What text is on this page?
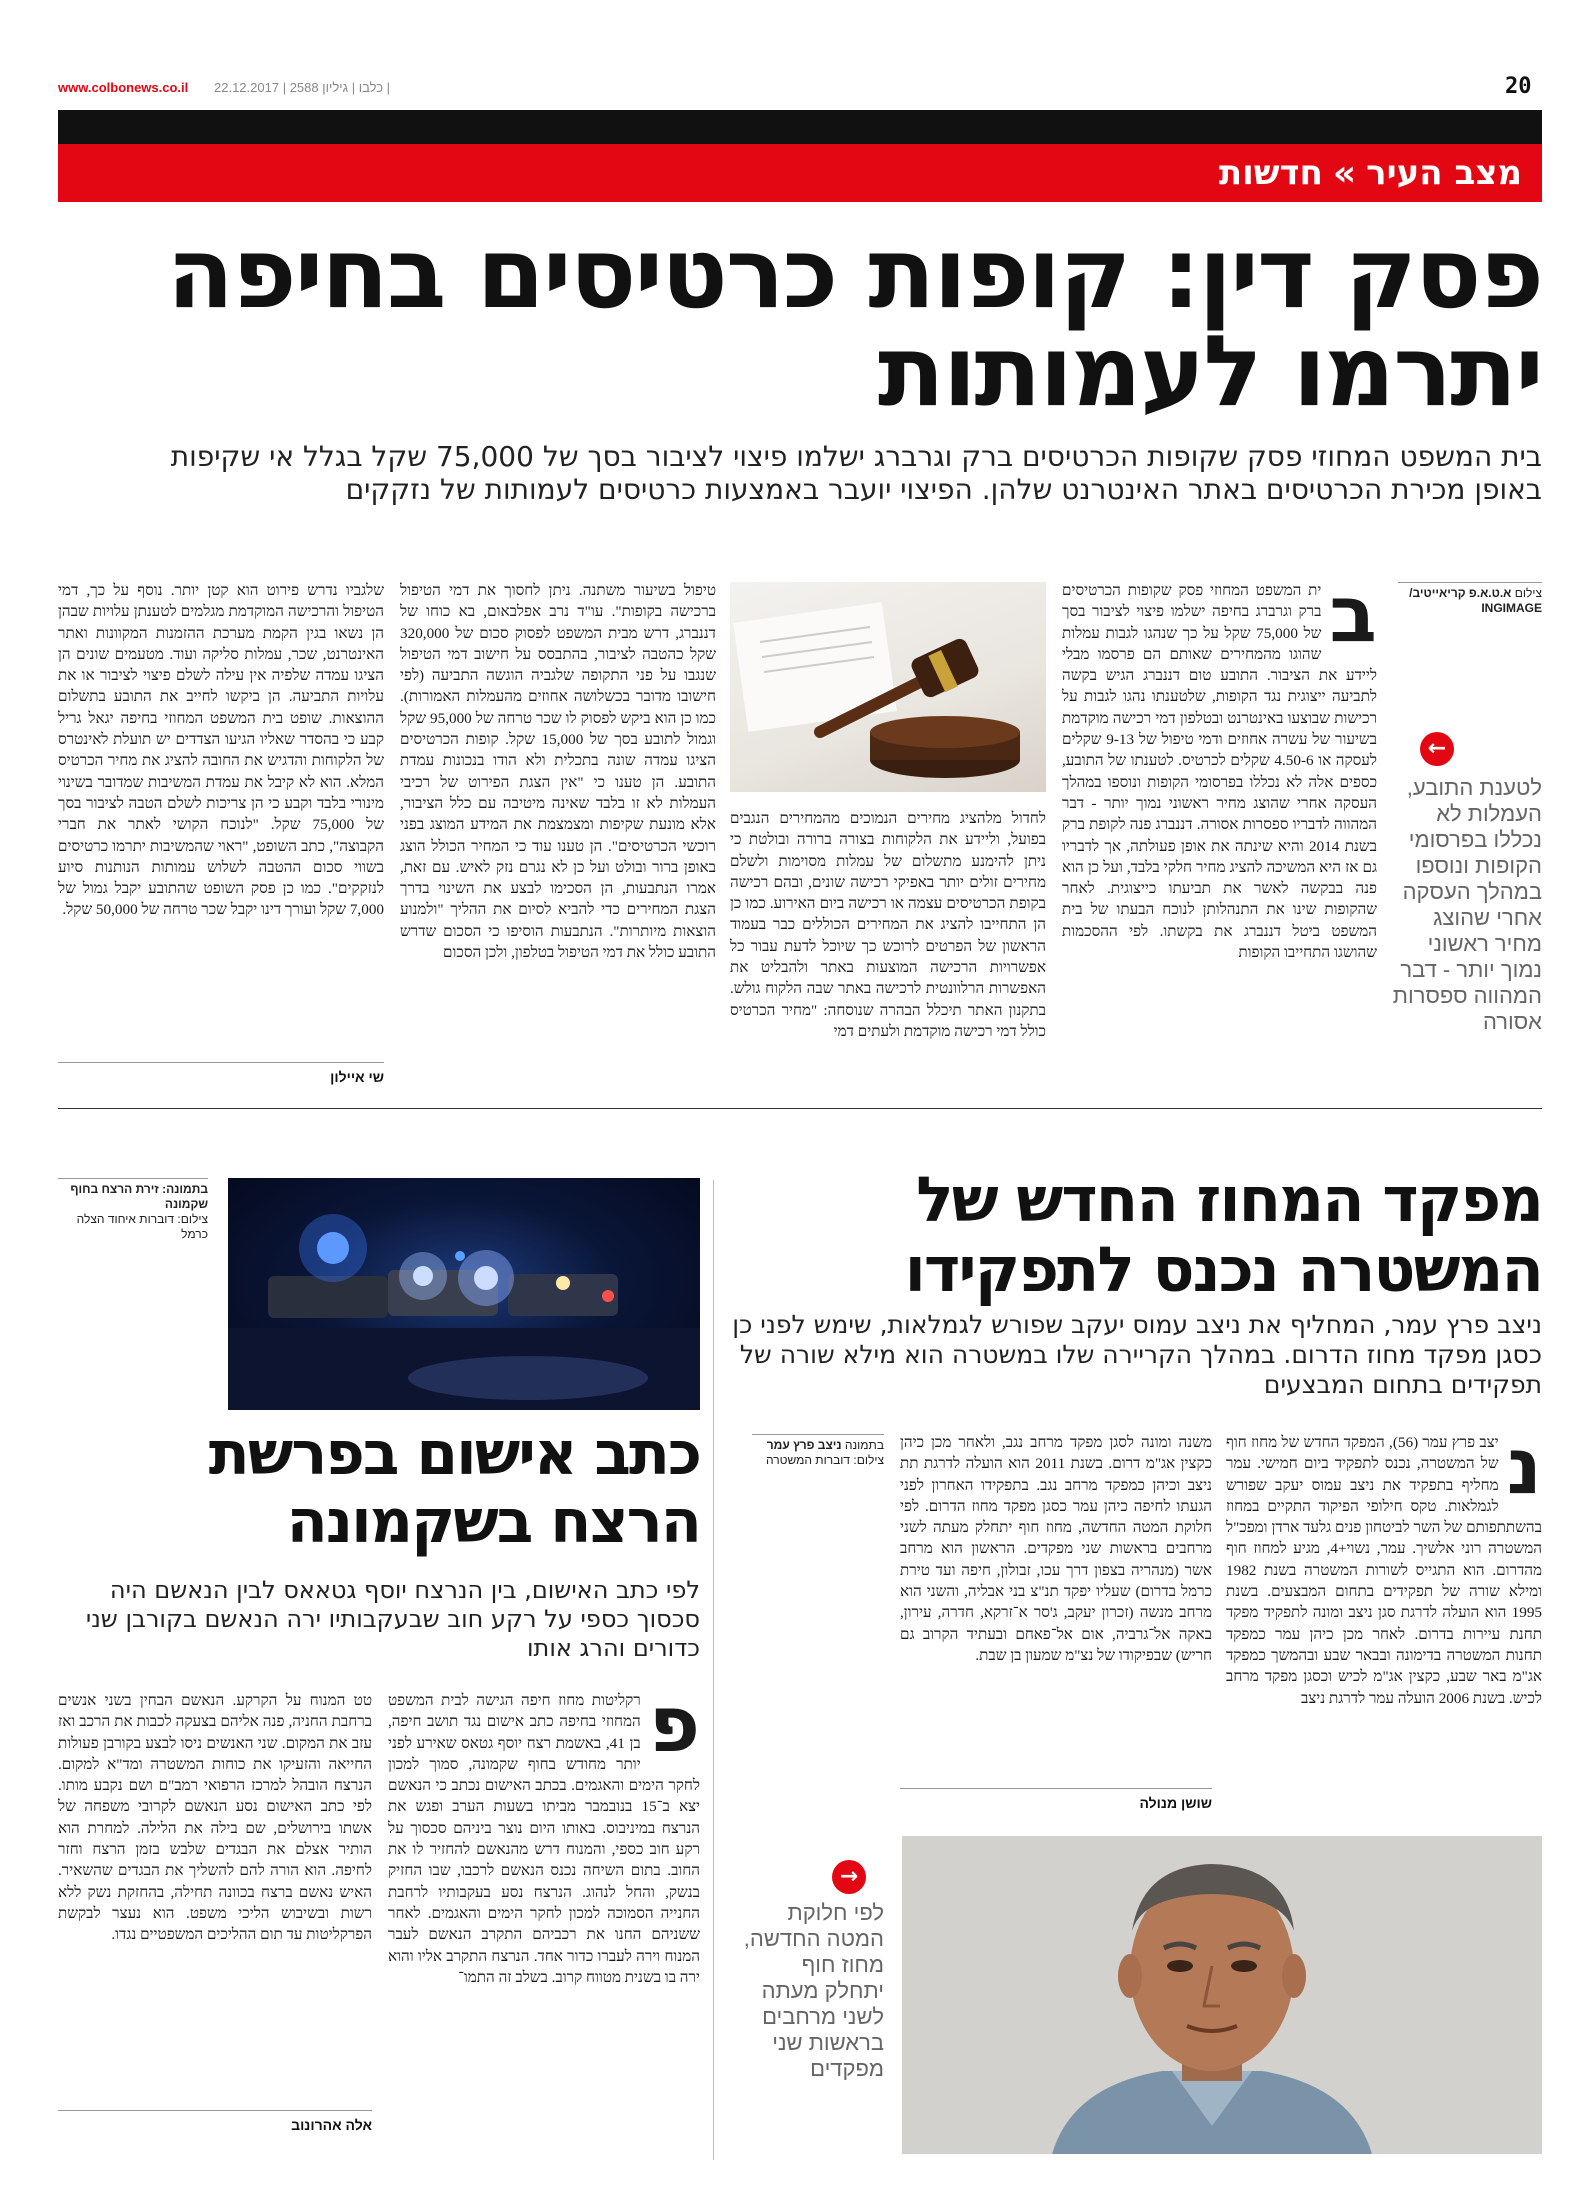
www.colbonews.co.il | כלבו | גיליון 2588 | 22.12.2017	20
מצב העיר
»
חדשות
פסק דין: קופות כרטיסים בחיפה
יתרמו לעמותות
בית המשפט המחוזי פסק שקופות הכרטיסים ברק וגרברג ישלמו פיצוי לציבור בסך של 75,000 שקל בגלל אי שקיפות באופן מכירת הכרטיסים באתר האינטרנט שלהן. הפיצוי יועבר באמצעות כרטיסים לעמותות של נזקקים
צילום א.ט.א.פ קריאייטיב/ INGIMAGE
←
לטענת התובע, העמלות לא נכללו בפרסומי הקופות ונוספו במהלך העסקה אחרי שהוצג מחיר ראשוני נמוך יותר - דבר המהווה ספסרות אסורה
ב
ית המשפט המחוזי פסק שקופות הכרטיסים ברק וגרברג בחיפה ישלמו פיצוי לציבור בסך של 75,000 שקל על כך שנהגו לגבות עמלות שהוגו מהמחירים שאותם הם פרסמו מבלי ליידע את הציבור. התובע טום דננברג הגיש בקשה לתביעה ייצוגית נגד הקופות, שלטענתו נהגו לגבות על רכישות שבוצעו באינטרנט ובטלפון דמי רכישה מוקדמת בשיעור של עשרה אחוזים ודמי טיפול של 9-13 שקלים לעסקה או 4.50-6 שקלים לכרטיס. לטענתו של התובע, כספים אלה לא נכללו בפרסומי הקופות ונוספו במהלך העסקה אחרי שהוצג מחיר ראשוני נמוך יותר - דבר המהווה לדבריו ספסרות אסורה. דננברג פנה לקופת ברק בשנת 2014 והיא שינתה את אופן פעולתה, אך לדבריו גם אז היא המשיכה להציג מחיר חלקי בלבד, ועל כן הוא פנה בבקשה לאשר את תביעתו כייצוגית. לאחר שהקופות שינו את התנהלותן לנוכח הבעתו של בית המשפט ביטל דננברג את בקשתו. לפי ההסכמות שהושגו התחייבו הקופות
לחדול מלהציג מחירים הנמוכים מהמחירים הנגבים בפועל, וליידע את הלקוחות בצורה ברורה ובולטת כי ניתן להימנע מתשלום של עמלות מסוימות ולשלם מחירים זולים יותר באפיקי רכישה שונים, ובהם רכישה בקופת הכרטיסים עצמה או רכישה ביום האירוע. כמו כן הן התחייבו להציג את המחירים הכוללים כבר בעמוד הראשון של הפרטים לרוכש כך שיוכל לדעת עבור כל אפשרויות הרכישה המוצעות באתר ולהבליט את האפשרות הרלוונטית לרכישה באתר שבה הלקוח גולש. בתקנון האתר תיכלל הבהרה שנוסחה: "מחיר הכרטיס כולל דמי רכישה מוקדמת ולעתים דמי
טיפול בשיעור משתנה. ניתן לחסוך את דמי הטיפול ברכישה בקופות". עו"ד נרב אפלבאום, בא כוחו של דננברג, דרש מבית המשפט לפסוק סכום של 320,000 שקל כהטבה לציבור, בהתבסס על חישוב דמי הטיפול שנגבו על פני התקופה שלגביה הוגשה התביעה (לפי חישובו מדובר בכשלושה אחוזים מהעמלות האמורות). כמו כן הוא ביקש לפסוק לו שכר טרחה של 95,000 שקל וגמול לתובע בסך של 15,000 שקל. קופות הכרטיסים הציגו עמדה שונה בתכלית ולא הודו בנכונות עמדת התובע. הן טענו כי "אין הצגת הפירוט של רכיבי העמלות לא זו בלבד שאינה מיטיבה עם כלל הציבור, אלא מונעת שקיפות ומצמצמת את המידע המוצג בפני רוכשי הכרטיסים". הן טענו עוד כי המחיר הכולל הוצג באופן ברור ובולט ועל כן לא נגרם נזק לאיש. עם זאת, אמרו הנתבעות, הן הסכימו לבצע את השינוי בדרך הצגת המחירים כדי להביא לסיום את ההליך "ולמנוע הוצאות מיותרות". הנתבעות הוסיפו כי הסכום שדרש התובע כולל את דמי הטיפול בטלפון, ולכן הסכום
שלגביו נדרש פירוט הוא קטן יותר. נוסף על כך, דמי הטיפול והרכישה המוקדמת מגלמים לטענתן עלויות שבהן הן נשאו בגין הקמת מערכת ההזמנות המקוונות ואתר האינטרנט, שכר, עמלות סליקה ועוד. מטעמים שונים הן הציגו עמדה שלפיה אין עילה לשלם פיצוי לציבור או את עלויות התביעה. הן ביקשו לחייב את התובע בתשלום ההוצאות. שופט בית המשפט המחוזי בחיפה יגאל גריל קבע כי בהסדר שאליו הגיעו הצדדים יש תועלת לאינטרס של הלקוחות והדגיש את החובה להציג את מחיר הכרטיס המלא. הוא לא קיבל את עמדת המשיבות שמדובר בשינוי מינורי בלבד וקבע כי הן צריכות לשלם הטבה לציבור בסך של 75,000 שקל. "לנוכח הקושי לאתר את חברי הקבוצה", כתב השופט, "ראוי שהמשיבות יתרמו כרטיסים בשווי סכום ההטבה לשלוש עמותות הנותנות סיוע לנזקקים". כמו כן פסק השופט שהתובע יקבל גמול של 7,000 שקל ועורך דינו יקבל שכר טרחה של 50,000 שקל.
שי איילון
מפקד המחוז החדש של
המשטרה נכנס לתפקידו
ניצב פרץ עמר, המחליף את ניצב עמוס יעקב שפורש לגמלאות, שימש לפני כן כסגן מפקד מחוז הדרום. במהלך הקריירה שלו במשטרה הוא מילא שורה של תפקידים בתחום המבצעים
נ
יצב פרץ עמר (56), המפקד החדש של מחוז חוף של המשטרה, נכנס לתפקיד ביום חמישי. עמר מחליף בתפקיד את ניצב עמוס יעקב שפורש לגמלאות. טקס חילופי הפיקוד התקיים במחוז בהשתתפותם של השר לביטחון פנים גלעד ארדן ומפכ"ל המשטרה רוני אלשיך. עמר, נשוי+4, מגיע למחוז חוף מהדרום. הוא התגייס לשורות המשטרה בשנת 1982 ומילא שורה של תפקידים בתחום המבצעים. בשנת 1995 הוא הועלה לדרגת סגן ניצב ומונה לתפקיד מפקד תחנת עיירות בדרום. לאחר מכן כיהן עמר כמפקד תחנות המשטרה בדימונה ובבאר שבע ובהמשך כמפקד אג"מ באר שבע, כקצין אג"מ לכיש וכסגן מפקד מרחב לכיש. בשנת 2006 הועלה עמר לדרגת ניצב
משנה ומונה לסגן מפקד מרחב נגב, ולאחר מכן כיהן כקצין אג"מ דרום. בשנת 2011 הוא הועלה לדרגת תת ניצב וכיהן כמפקד מרחב נגב. בתפקידו האחרון לפני הגעתו לחיפה כיהן עמר כסגן מפקד מחוז הדרום. לפי חלוקת המטה החדשה, מחוז חוף יתחלק מעתה לשני מרחבים בראשות שני מפקדים. הראשון הוא מרחב אשר (מנהריה בצפון דרך עכו, זבולון, חיפה ועד טירת כרמל בדרום) שעליו יפקד תנ"צ בני אבליה, והשני הוא מרחב מנשה (זכרון יעקב, ג'סר א־זרקא, חדרה, עירון, באקה אל־גרביה, אום אל־פאחם ובעתיד הקרוב גם חריש) שבפיקודו של נצ"מ שמעון בן שבת.
שושן מנולה
בתמונה ניצב פרץ עמר
צילום: דוברות המשטרה
→
לפי חלוקת המטה החדשה, מחוז חוף יתחלק מעתה לשני מרחבים בראשות שני מפקדים
בתמונה: זירת הרצח בחוף שקמונה
צילום: דוברות איחוד הצלה כרמל
כתב אישום בפרשת
הרצח בשקמונה
לפי כתב האישום, בין הנרצח יוסף גטאאס לבין הנאשם היה סכסוך כספי על רקע חוב שבעקבותיו ירה הנאשם בקורבן שני כדורים והרג אותו
פ
רקליטות מחוז חיפה הגישה לבית המשפט המחוזי בחיפה כתב אישום נגד תושב חיפה, בן 41, באשמת רצח יוסף גטאס שאירע לפני יותר מחודש בחוף שקמונה, סמוך למכון לחקר הימים והאגמים. בכתב האישום נכתב כי הנאשם יצא ב־15 בנובמבר מביתו בשעות הערב ופגש את הנרצח במיניבוס. באותו היום נוצר ביניהם סכסוך על רקע חוב כספי, והמנוח דרש מהנאשם להחזיר לו את החוב. בתום השיחה נכנס הנאשם לרכבו, שבו החזיק בנשק, והחל לנהוג. הנרצח נסע בעקבותיו לרחבת החנייה הסמוכה למכון לחקר הימים והאגמים. לאחר ששניהם החנו את רכביהם התקרב הנאשם לעבר המנוח וירה לעברו כדור אחד. הנרצח התקרב אליו והוא ירה בו בשנית מטווח קרוב. בשלב זה התמו־
טט המנוח על הקרקע. הנאשם הבחין בשני אנשים ברחבת החניה, פנה אליהם בצעקה לכבות את הרכב ואז עזב את המקום. שני האנשים ניסו לבצע בקורבן פעולות החייאה והזעיקו את כוחות המשטרה ומד"א למקום. הנרצח הובהל למרכז הרפואי רמב"ם ושם נקבע מותו. לפי כתב האישום נסע הנאשם לקרובי משפחה של אשתו בירושלים, שם בילה את הלילה. למחרת הוא הותיר אצלם את הבגדים שלבש בזמן הרצח וחזר לחיפה. הוא הורה להם להשליך את הבגדים שהשאיר. האיש נאשם ברצח בכוונה תחילה, בהחזקת נשק ללא רשות ובשיבוש הליכי משפט. הוא נעצר לבקשת הפרקליטות עד תום ההליכים המשפטיים נגדו.
אלה אהרונוב
